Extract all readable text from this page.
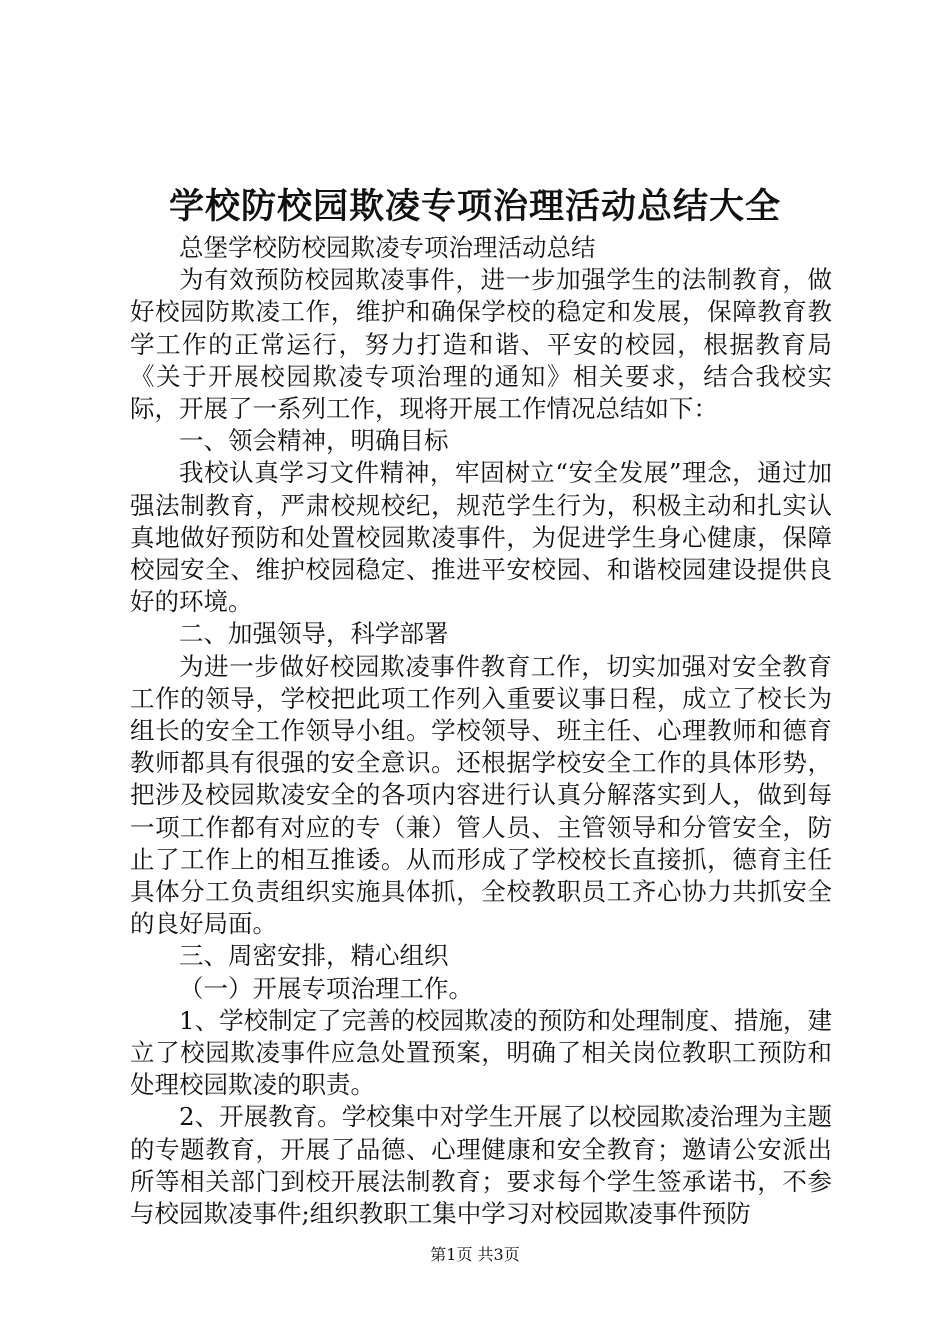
学校防校园欺凌专项治理活动总结大全

总堡学校防校园欺凌专项治理活动总结

为有效预防校园欺凌事件，进一步加强学生的法制教育，做好校园防欺凌工作，维护和确保学校的稳定和发展，保障教育教学工作的正常运行，努力打造和谐、平安的校园，根据教育局《关于开展校园欺凌专项治理的通知》相关要求，结合我校实际，开展了一系列工作，现将开展工作情况总结如下：

一、领会精神，明确目标

我校认真学习文件精神，牢固树立“安全发展”理念，通过加强法制教育，严肃校规校纪，规范学生行为，积极主动和扎实认真地做好预防和处置校园欺凌事件，为促进学生身心健康，保障校园安全、维护校园稳定、推进平安校园、和谐校园建设提供良好的环境。

二、加强领导，科学部署

为进一步做好校园欺凌事件教育工作，切实加强对安全教育工作的领导，学校把此项工作列入重要议事日程，成立了校长为组长的安全工作领导小组。学校领导、班主任、心理教师和德育教师都具有很强的安全意识。还根据学校安全工作的具体形势，把涉及校园欺凌安全的各项内容进行认真分解落实到人，做到每一项工作都有对应的专（兼）管人员、主管领导和分管安全，防止了工作上的相互推诿。从而形成了学校校长直接抓，德育主任具体分工负责组织实施具体抓，全校教职员工齐心协力共抓安全的良好局面。

三、周密安排，精心组织

（一）开展专项治理工作。

1、学校制定了完善的校园欺凌的预防和处理制度、措施，建立了校园欺凌事件应急处置预案，明确了相关岗位教职工预防和处理校园欺凌的职责。

2、开展教育。学校集中对学生开展了以校园欺凌治理为主题的专题教育，开展了品德、心理健康和安全教育；邀请公安派出所等相关部门到校开展法制教育；要求每个学生签承诺书，不参与校园欺凌事件;组织教职工集中学习对校园欺凌事件预防

第1页 共3页
